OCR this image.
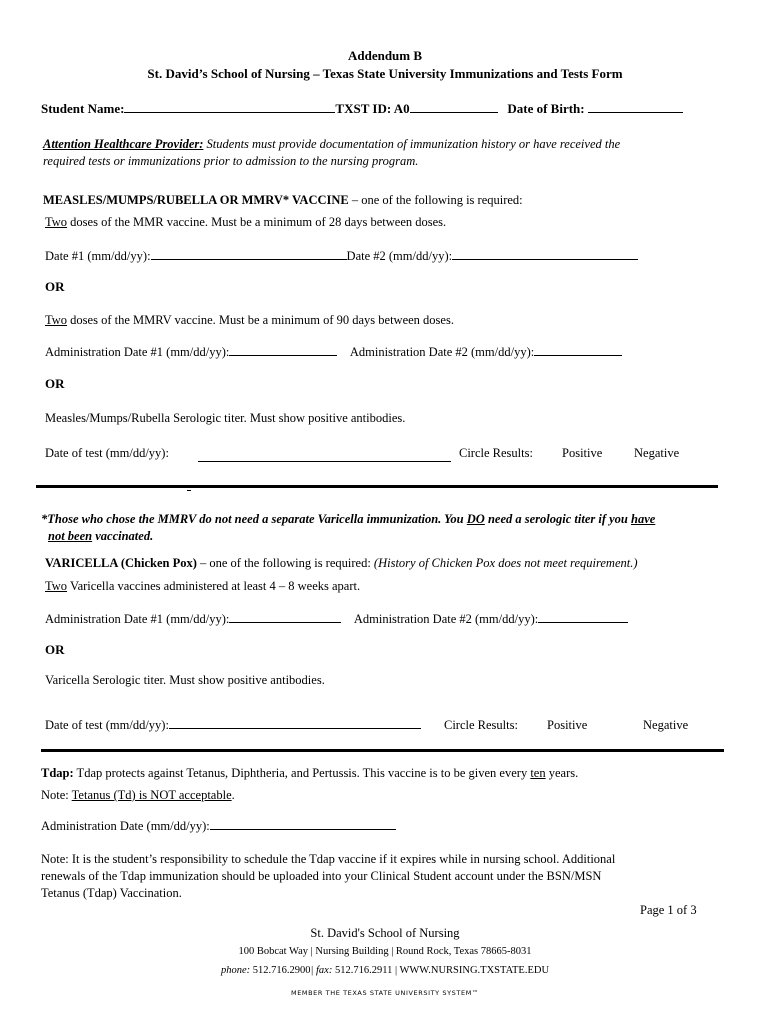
Addendum B
St. David’s School of Nursing – Texas State University Immunizations and Tests Form
Student Name:	TXST ID: A0	Date of Birth:
Attention Healthcare Provider: Students must provide documentation of immunization history or have received the
required tests or immunizations prior to admission to the nursing program.
MEASLES/MUMPS/RUBELLA OR MMRV* VACCINE – one of the following is required:
Two doses of the MMR vaccine. Must be a minimum of 28 days between doses.
Date #1 (mm/dd/yy):	Date #2 (mm/dd/yy):
OR
Two doses of the MMRV vaccine. Must be a minimum of 90 days between doses.
Administration Date #1 (mm/dd/yy):	Administration Date #2 (mm/dd/yy):
OR
Measles/Mumps/Rubella Serologic titer. Must show positive antibodies.
Date of test (mm/dd/yy):	Circle Results: Positive	Negative
*Those who chose the MMRV do not need a separate Varicella immunization. You DO need a serologic titer if you have
not been vaccinated.
VARICELLA (Chicken Pox) – one of the following is required: (History of Chicken Pox does not meet requirement.)
Two Varicella vaccines administered at least 4 – 8 weeks apart.
Administration Date #1 (mm/dd/yy):	Administration Date #2 (mm/dd/yy):
OR
Varicella Serologic titer. Must show positive antibodies.
Date of test (mm/dd/yy):	Circle Results: Positive	Negative
Tdap: Tdap protects against Tetanus, Diphtheria, and Pertussis. This vaccine is to be given every ten years.
Note: Tetanus (Td) is NOT acceptable.
Administration Date (mm/dd/yy):
Note: It is the student’s responsibility to schedule the Tdap vaccine if it expires while in nursing school. Additional
renewals of the Tdap immunization should be uploaded into your Clinical Student account under the BSN/MSN
Tetanus (Tdap) Vaccination.
Page 1 of 3
St. David's School of Nursing
100 Bobcat Way | Nursing Building | Round Rock, Texas 78665-8031
phone: 512.716.2900| fax: 512.716.2911 | WWW.NURSING.TXSTATE.EDU
MEMBER THE TEXAS STATE UNIVERSITY SYSTEM™
